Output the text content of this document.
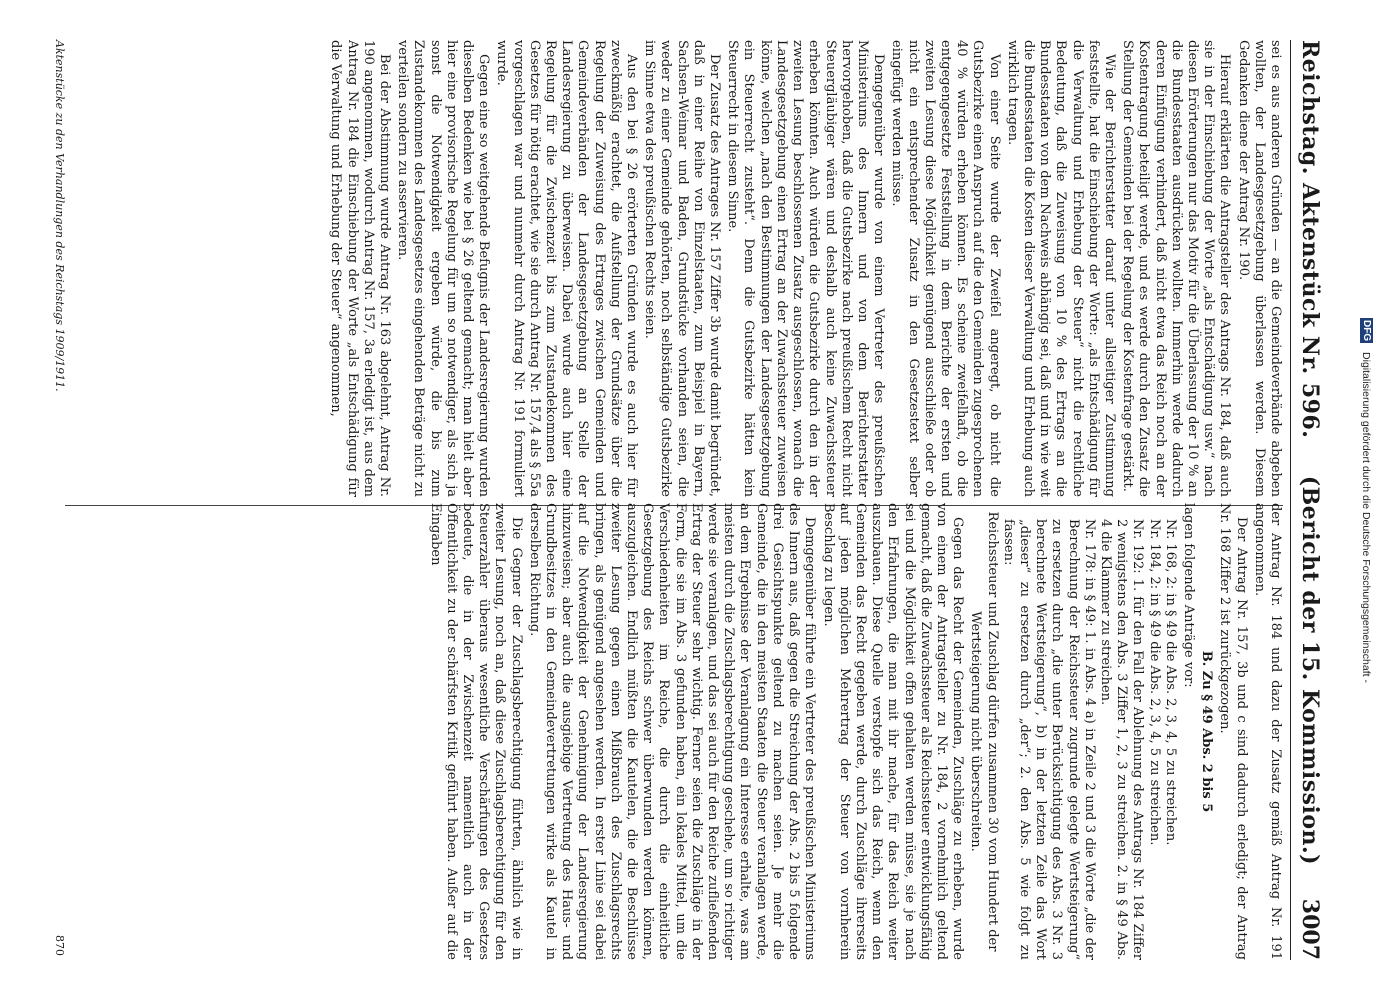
Reichstag. Aktenstück Nr. 596.
(Bericht der 15. Kommission.) 3007

sei es aus anderen Gründen — an die Gemeindeverbände abgeben wollten, der Landesgesetzgebung überlassen werden. Diesem Gedanken diene der Antrag Nr. 190.

Hierauf erklärten die Antragsteller des Antrags Nr. 184, daß auch sie in der Einschiebung der Worte „als Entschädigung usw.“ nach diesen Erörterungen nur das Motiv für die Überlassung der 10 % an die Bundesstaaten ausdrücken wollten. Immerhin werde dadurch deren Einfügung verhindert, daß nicht etwa das Reich noch an der Kostentragung beteiligt werde, und es werde durch den Zusatz die Stellung der Gemeinden bei der Regelung der Kostenfrage gestärkt.

Wie der Berichterstatter darauf unter allseitiger Zustimmung feststellte, hat die Einschiebung der Worte: „als Entschädigung für die Verwaltung und Erhebung der Steuer“ nicht die rechtliche Bedeutung, daß die Zuweisung von 10 % des Ertrags an die Bundesstaaten von dem Nachweis abhängig sei, daß und in wie weit die Bundesstaaten die Kosten dieser Verwaltung und Erhebung auch wirklich tragen.

Von einer Seite wurde der Zweifel angeregt, ob nicht die Gutsbezirke einen Anspruch auf die den Gemeinden zugesprochenen 40 % würden erheben können. Es scheine zweifelhaft, ob die entgegengesetzte Feststellung in dem Berichte der ersten und zweiten Lesung diese Möglichkeit genügend ausschließe oder ob nicht ein entsprechender Zusatz in den Gesetzestext selber eingefügt werden müsse.

Demgegenüber wurde von einem Vertreter des preußischen Ministeriums des Innern und von dem Berichterstatter hervorgehoben, daß die Gutsbezirke nach preußischem Recht nicht Steuergläubiger wären und deshalb auch keine Zuwachssteuer erheben könnten. Auch würden die Gutsbezirke durch den in der zweiten Lesung beschlossenen Zusatz ausgeschlossen, wonach die Landesgesetzgebung einen Ertrag an der Zuwachssteuer zuweisen könne, welchen „nach den Bestimmungen der Landesgesetzgebung ein Steuerrecht zusteht“. Denn die Gutsbezirke hätten kein Steuerrecht in diesem Sinne.

Der Zusatz des Antrages Nr. 157 Ziffer 3b wurde damit begründet, daß in einer Reihe von Einzelstaaten, zum Beispiel in Bayern, Sachsen-Weimar und Baden, Grundstücke vorhanden seien, die weder zu einer Gemeinde gehörten, noch selbständige Gutsbezirke im Sinne etwa des preußischen Rechts seien.

Aus den bei § 26 erörterten Gründen wurde es auch hier für zweckmäßig erachtet, die Aufstellung der Grundsätze über die Regelung der Zuweisung des Ertrages zwischen Gemeinden und Gemeindeverbänden der Landesgesetzgebung an Stelle der Landesregierung zu überweisen. Dabei wurde auch hier eine Regelung für die Zwischenzeit bis zum Zustandekommen des Gesetzes für nötig erachtet, wie sie durch Antrag Nr. 157,4 als § 55a vorgeschlagen war und nunmehr durch Antrag Nr. 191 formuliert wurde.

Gegen eine so weitgehende Befugnis der Landesregierung wurden dieselben Bedenken wie bei § 26 geltend gemacht; man hielt aber hier eine provisorische Regelung für um so notwendiger, als sich ja sonst die Notwendigkeit ergeben würde, die bis zum Zustandekommen des Landesgesetzes eingehenden Beträge nicht zu verteilen sondern zu asservieren.

Bei der Abstimmung wurde Antrag Nr. 163 abgelehnt, Antrag Nr. 190 angenommen, wodurch Antrag Nr. 157, 3a erledigt ist, aus dem Antrag Nr. 184 die Einschiebung der Worte „als Entschädigung für die Verwaltung und Erhebung der Steuer“ angenommen,

der Antrag Nr. 184 und dazu der Zusatz gemäß Antrag Nr. 191 angenommen.

Der Antrag Nr. 157, 3b und c sind dadurch erledigt; der Antrag Nr. 168 Ziffer 2 ist zurückgezogen.

B. Zu § 49 Abs. 2 bis 5

lagen folgende Anträge vor:

Nr. 168, 2: in § 49 die Abs. 2, 3, 4, 5 zu streichen.

Nr. 184, 2: in § 49 die Abs. 2, 3, 4, 5 zu streichen.

Nr. 192: 1. für den Fall der Ablehnung des Antrags Nr. 184 Ziffer 2 wenigstens den Abs. 3 Ziffer 1, 2, 3 zu streichen. 2. in § 49 Abs. 4 die Klammer zu streichen.

Nr. 178: in § 49: 1. in Abs. 4 a) in Zeile 2 und 3 die Worte „die der Berechnung der Reichssteuer zugrunde gelegte Wertsteigerung“ zu ersetzen durch „die unter Berücksichtigung des Abs. 3 Nr. 3 berechnete Wertsteigerung“, b) in der letzten Zeile das Wort „dieser“ zu ersetzen durch „der“; 2. den Abs. 5 wie folgt zu fassen:

Reichssteuer und Zuschlag dürfen zusammen 30 vom Hundert der Wertsteigerung nicht überschreiten.

Gegen das Recht der Gemeinden, Zuschläge zu erheben, wurde von einem der Antragsteller zu Nr. 184, 2 vornehmlich geltend gemacht, daß die Zuwachssteuer als Reichssteuer entwicklungsfähig sei und die Möglichkeit offen gehalten werden müsse, sie je nach den Erfahrungen, die man mit ihr mache, für das Reich weiter auszubauen. Diese Quelle verstopfe sich das Reich, wenn den Gemeinden das Recht gegeben werde, durch Zuschläge ihrerseits auf jeden möglichen Mehrertrag der Steuer von vornherein Beschlag zu legen.

Demgegenüber führte ein Vertreter des preußischen Ministeriums des Innern aus, daß gegen die Streichung der Abs. 2 bis 5 folgende drei Gesichtspunkte geltend zu machen seien. Je mehr die Gemeinde, die in den meisten Staaten die Steuer veranlagen werde, an dem Ergebnisse der Veranlagung ein Interesse erhalte, was am meisten durch die Zuschlagsberechtigung geschehe, um so richtiger werde sie veranlagen, und das sei auch für den Reiche zufließenden Ertrag der Steuer sehr wichtig. Ferner seien die Zuschläge in der Form, die sie im Abs. 3 gefunden haben, ein lokales Mittel, um die Verschiedenheiten im Reiche, die durch die einheitliche Gesetzgebung des Reichs schwer überwunden werden können, auszugleichen. Endlich müßten die Kautelen, die die Beschlüsse zweiter Lesung gegen einen Mißbrauch des Zuschlagsrechts bringen, als genügend angesehen werden. In erster Linie sei dabei auf die Notwendigkeit der Genehmigung der Landesregierung hinzuweisen; aber auch die ausgiebige Vertretung des Haus- und Grundbesitzes in den Gemeindevertretungen wirke als Kautel in derselben Richtung.

Die Gegner der Zuschlagsberechtigung führten, ähnlich wie in zweiter Lesung, noch an, daß diese Zuschlagsberechtigung für den Steuerzahler überaus wesentliche Verschärfungen des Gesetzes bedeute, die in der Zwischenzeit namentlich auch in der Öffentlichkeit zu der schärfsten Kritik geführt haben. Außer auf die Eingaben

Aktenstücke zu den Verhandlungen des Reichstags 1909/1911.
870
DFG Digitalisierung gefördert durch die Deutsche Forschungsgemeinschaft -
